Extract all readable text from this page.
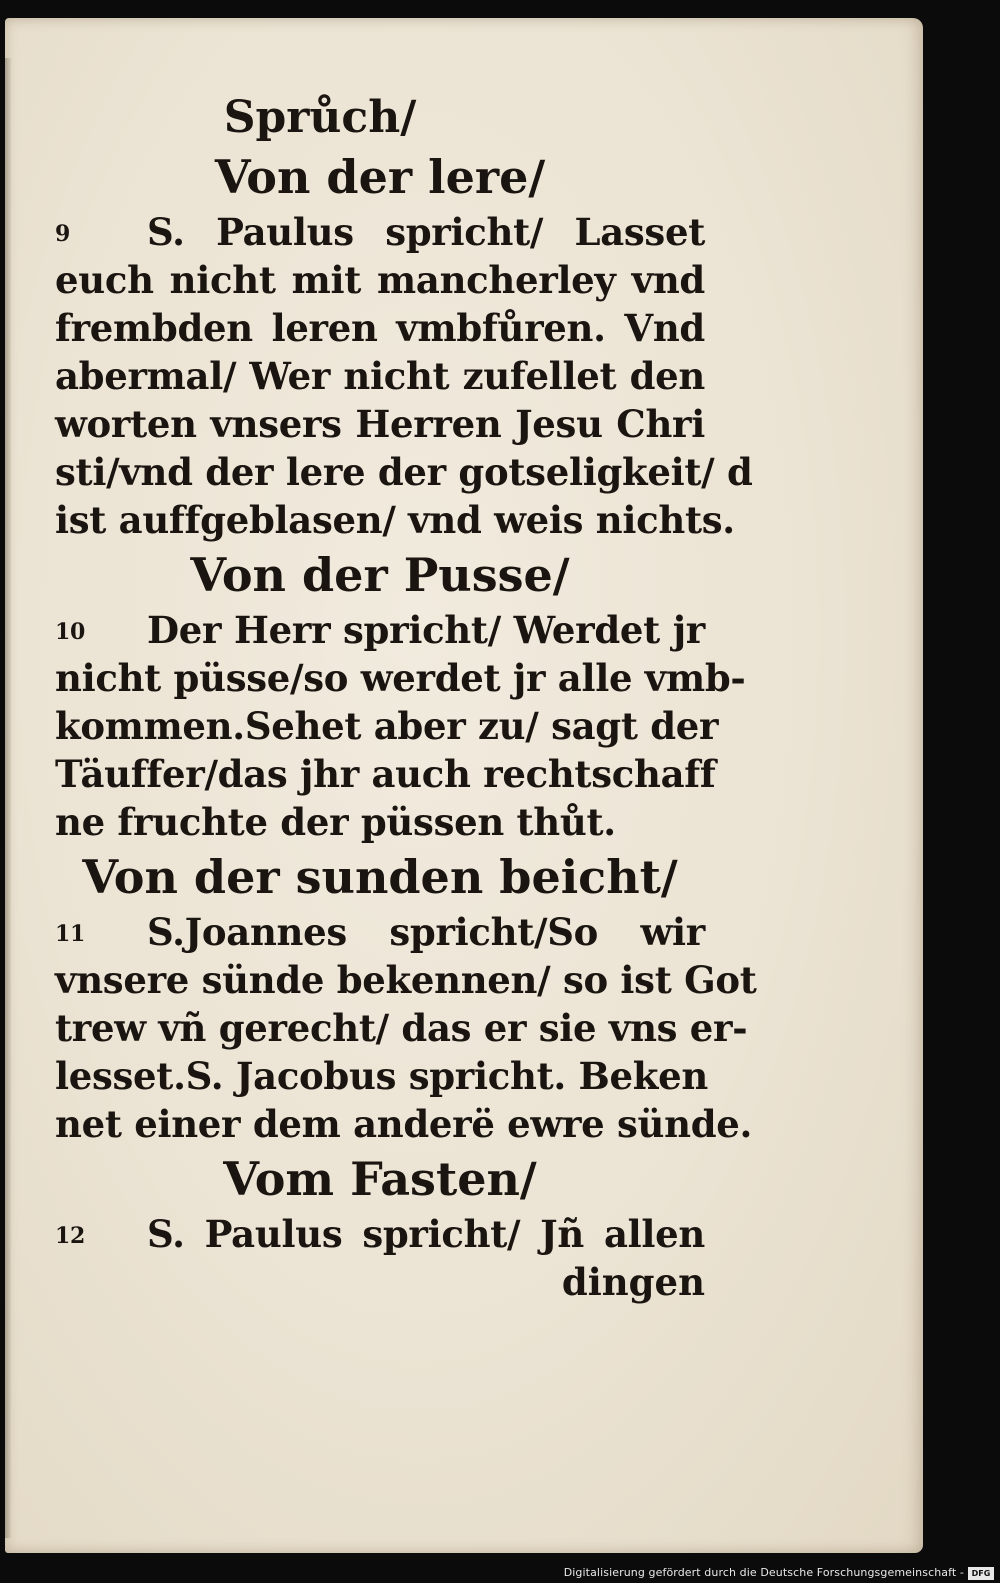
Sprůch/
Von der lere/
9 S. Paulus spricht/ Lasset
euch nicht mit mancherley vnd
frembden leren vmbfůren. Vnd
abermal/ Wer nicht zufellet den
worten vnsers Herren Jesu Chri
sti/vnd der lere der gotseligkeit/ d
ist auffgeblasen/ vnd weis nichts.
Von der Pusse/
10 Der Herr spricht/ Werdet jr
nicht püsse/so werdet jr alle vmb-
kommen.Sehet aber zu/ sagt der
Täuffer/das jhr auch rechtschaff
ne fruchte der püssen thůt.
Von der sunden beicht/
11 S.Joannes spricht/So wir
vnsere sünde bekennen/ so ist Got
trew vñ gerecht/ das er sie vns er-
lesset.S. Jacobus spricht. Beken
net einer dem anderë ewre sünde.
Vom Fasten/
12 S. Paulus spricht/ Jñ allen
dingen
Digitalisierung gefördert durch die Deutsche Forschungsgemeinschaft - DFG
